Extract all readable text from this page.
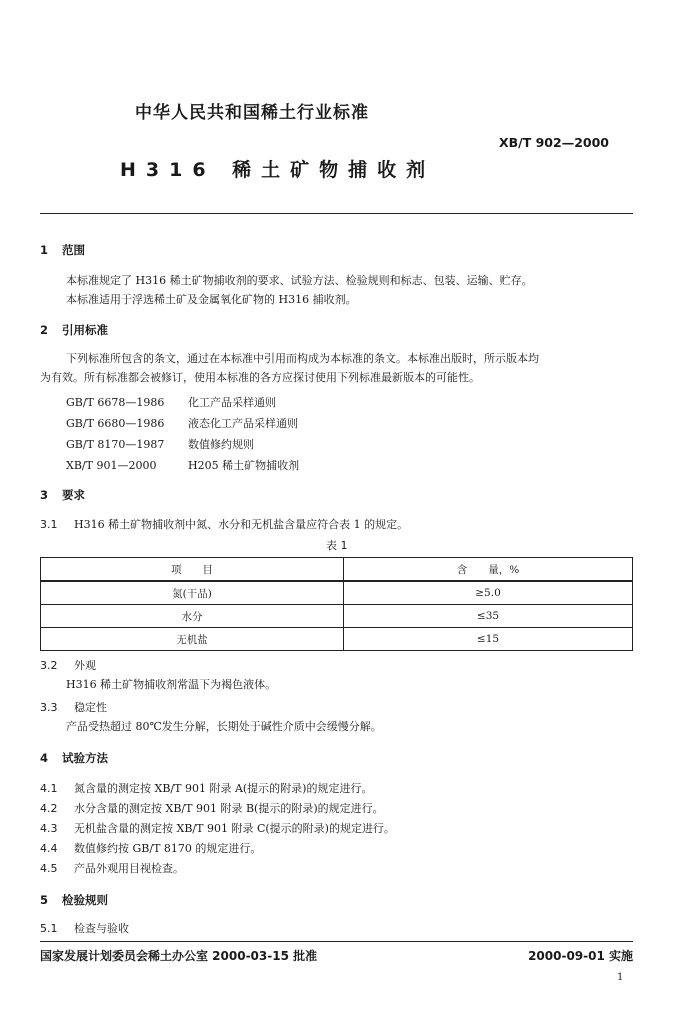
中华人民共和国稀土行业标准
XB/T 902—2000
H316 稀土矿物捕收剂
1 范围
本标准规定了 H316 稀土矿物捕收剂的要求、试验方法、检验规则和标志、包装、运输、贮存。
本标准适用于浮选稀土矿及金属氧化矿物的 H316 捕收剂。
2 引用标准
下列标准所包含的条文，通过在本标准中引用而构成为本标准的条文。本标准出版时，所示版本均
为有效。所有标准都会被修订，使用本标准的各方应探讨使用下列标准最新版本的可能性。
GB/T 6678—1986 化工产品采样通则
GB/T 6680—1986 液态化工产品采样通则
GB/T 8170—1987 数值修约规则
XB/T 901—2000	H205 稀土矿物捕收剂
3 要求
3.1 H316 稀土矿物捕收剂中氮、水分和无机盐含量应符合表 1 的规定。
表 1
项　　目	含　　量，%
氮(干品)	≥5.0
水分	≤35
无机盐	≤15
3.2 外观
H316 稀土矿物捕收剂常温下为褐色液体。
3.3 稳定性
产品受热超过 80℃发生分解，长期处于碱性介质中会缓慢分解。
4 试验方法
4.1 氮含量的测定按 XB/T 901 附录 A(提示的附录)的规定进行。
4.2 水分含量的测定按 XB/T 901 附录 B(提示的附录)的规定进行。
4.3 无机盐含量的测定按 XB/T 901 附录 C(提示的附录)的规定进行。
4.4 数值修约按 GB/T 8170 的规定进行。
4.5 产品外观用目视检查。
5 检验规则
5.1 检查与验收
国家发展计划委员会稀土办公室 2000-03-15 批准	2000-09-01 实施
1
